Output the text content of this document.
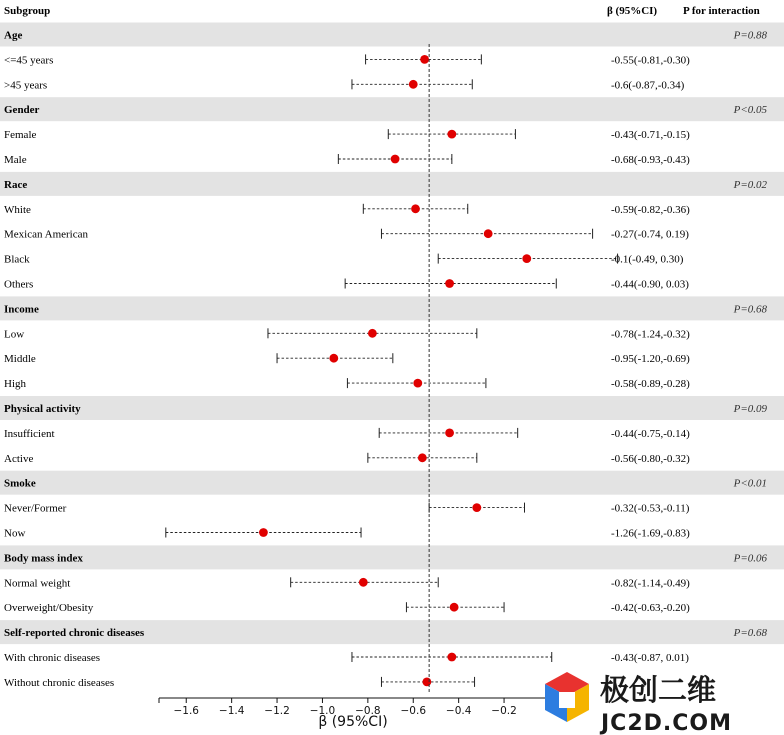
Subgroup	β (95%CI) P for interaction
Age	P=0.88
<=45 years	-0.55(-0.81,-0.30)
>45 years	-0.6(-0.87,-0.34)
Gender	P<0.05
Female	-0.43(-0.71,-0.15)
Male	-0.68(-0.93,-0.43)
Race	P=0.02
White	-0.59(-0.82,-0.36)
Mexican American	-0.27(-0.74, 0.19)
Black	-0.1(-0.49, 0.30)
Others	-0.44(-0.90, 0.03)
Income	P=0.68
Low	-0.78(-1.24,-0.32)
Middle	-0.95(-1.20,-0.69)
High	-0.58(-0.89,-0.28)
Physical activity	P=0.09
Insufficient	-0.44(-0.75,-0.14)
Active	-0.56(-0.80,-0.32)
Smoke	P<0.01
Never/Former	-0.32(-0.53,-0.11)
Now	-1.26(-1.69,-0.83)
Body mass index	P=0.06
Normal weight	-0.82(-1.14,-0.49)
Overweight/Obesity	-0.42(-0.63,-0.20)
Self-reported chronic diseases	P=0.68
With chronic diseases	-0.43(-0.87, 0.01)
Without chronic diseases
−1.6 −1.4 −1.2 −1.0 −0.8 −0.6 −0.4 −0.2
β (95%CI)
极创二维
JC2D.COM
